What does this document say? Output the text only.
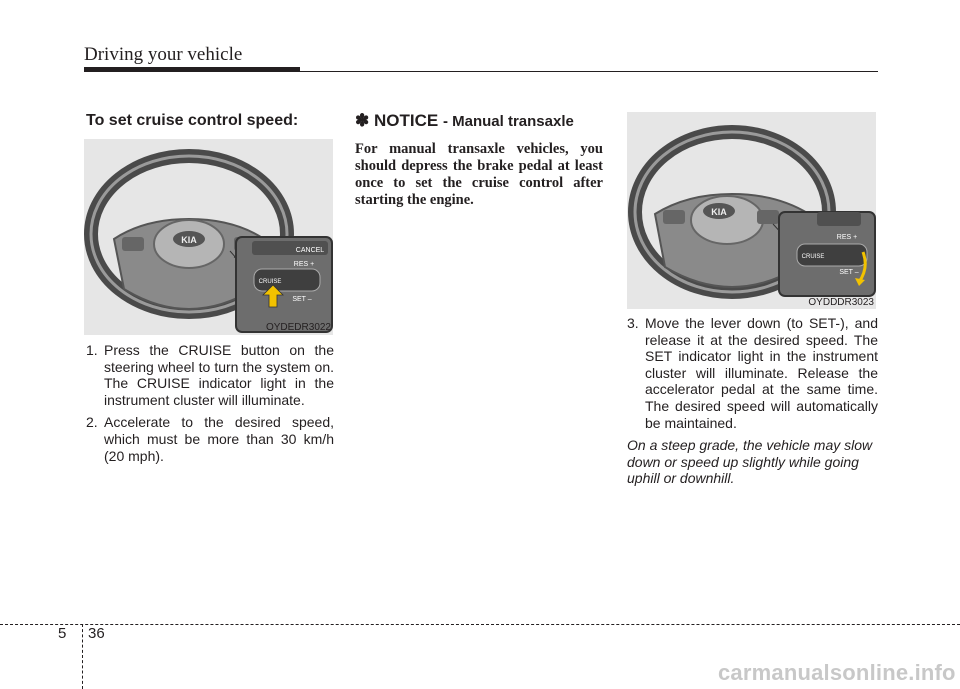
Driving your vehicle
To set cruise control speed:
KIA
CANCEL
RES +
CRUISE
SET –
OYDEDR3022
1. Press the CRUISE button on the steering wheel to turn the system on. The CRUISE indicator light in the instrument cluster will illuminate.
2. Accelerate to the desired speed, which must be more than 30 km/h (20 mph).
✽ NOTICE - Manual transaxle
For manual transaxle vehicles, you should depress the brake pedal at least once to set the cruise control after starting the engine.
KIA
RES +
CRUISE
SET –
OYDDDR3023
3. Move the lever down (to SET-), and release it at the desired speed. The SET indicator light in the instrument cluster will illuminate. Release the accelerator pedal at the same time. The desired speed will automatically be maintained.
On a steep grade, the vehicle may slow down or speed up slightly while going uphill or downhill.
5 36
carmanualsonline.info
